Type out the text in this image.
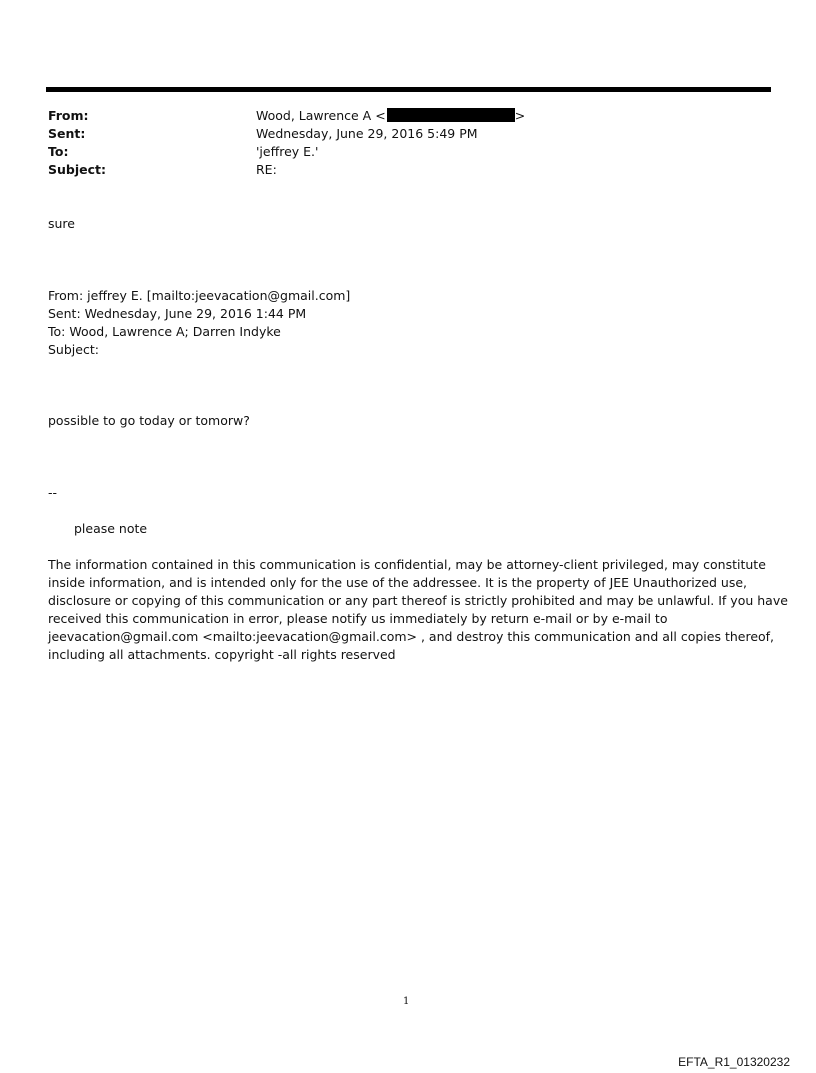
From:	Wood, Lawrence A <	>
Sent:	Wednesday, June 29, 2016 5:49 PM
To:	'jeffrey E.'
Subject:	RE:
sure
From: jeffrey E. [mailto:jeevacation@gmail.com]
Sent: Wednesday, June 29, 2016 1:44 PM
To: Wood, Lawrence A; Darren Indyke
Subject:
possible to go today or tomorw?
--
please note
The information contained in this communication is confidential, may be attorney-client privileged, may constitute
inside information, and is intended only for the use of the addressee. It is the property of JEE Unauthorized use,
disclosure or copying of this communication or any part thereof is strictly prohibited and may be unlawful. If you have
received this communication in error, please notify us immediately by return e-mail or by e-mail to
jeevacation@gmail.com <mailto:jeevacation@gmail.com> , and destroy this communication and all copies thereof,
including all attachments. copyright -all rights reserved
1
EFTA_R1_01320232
